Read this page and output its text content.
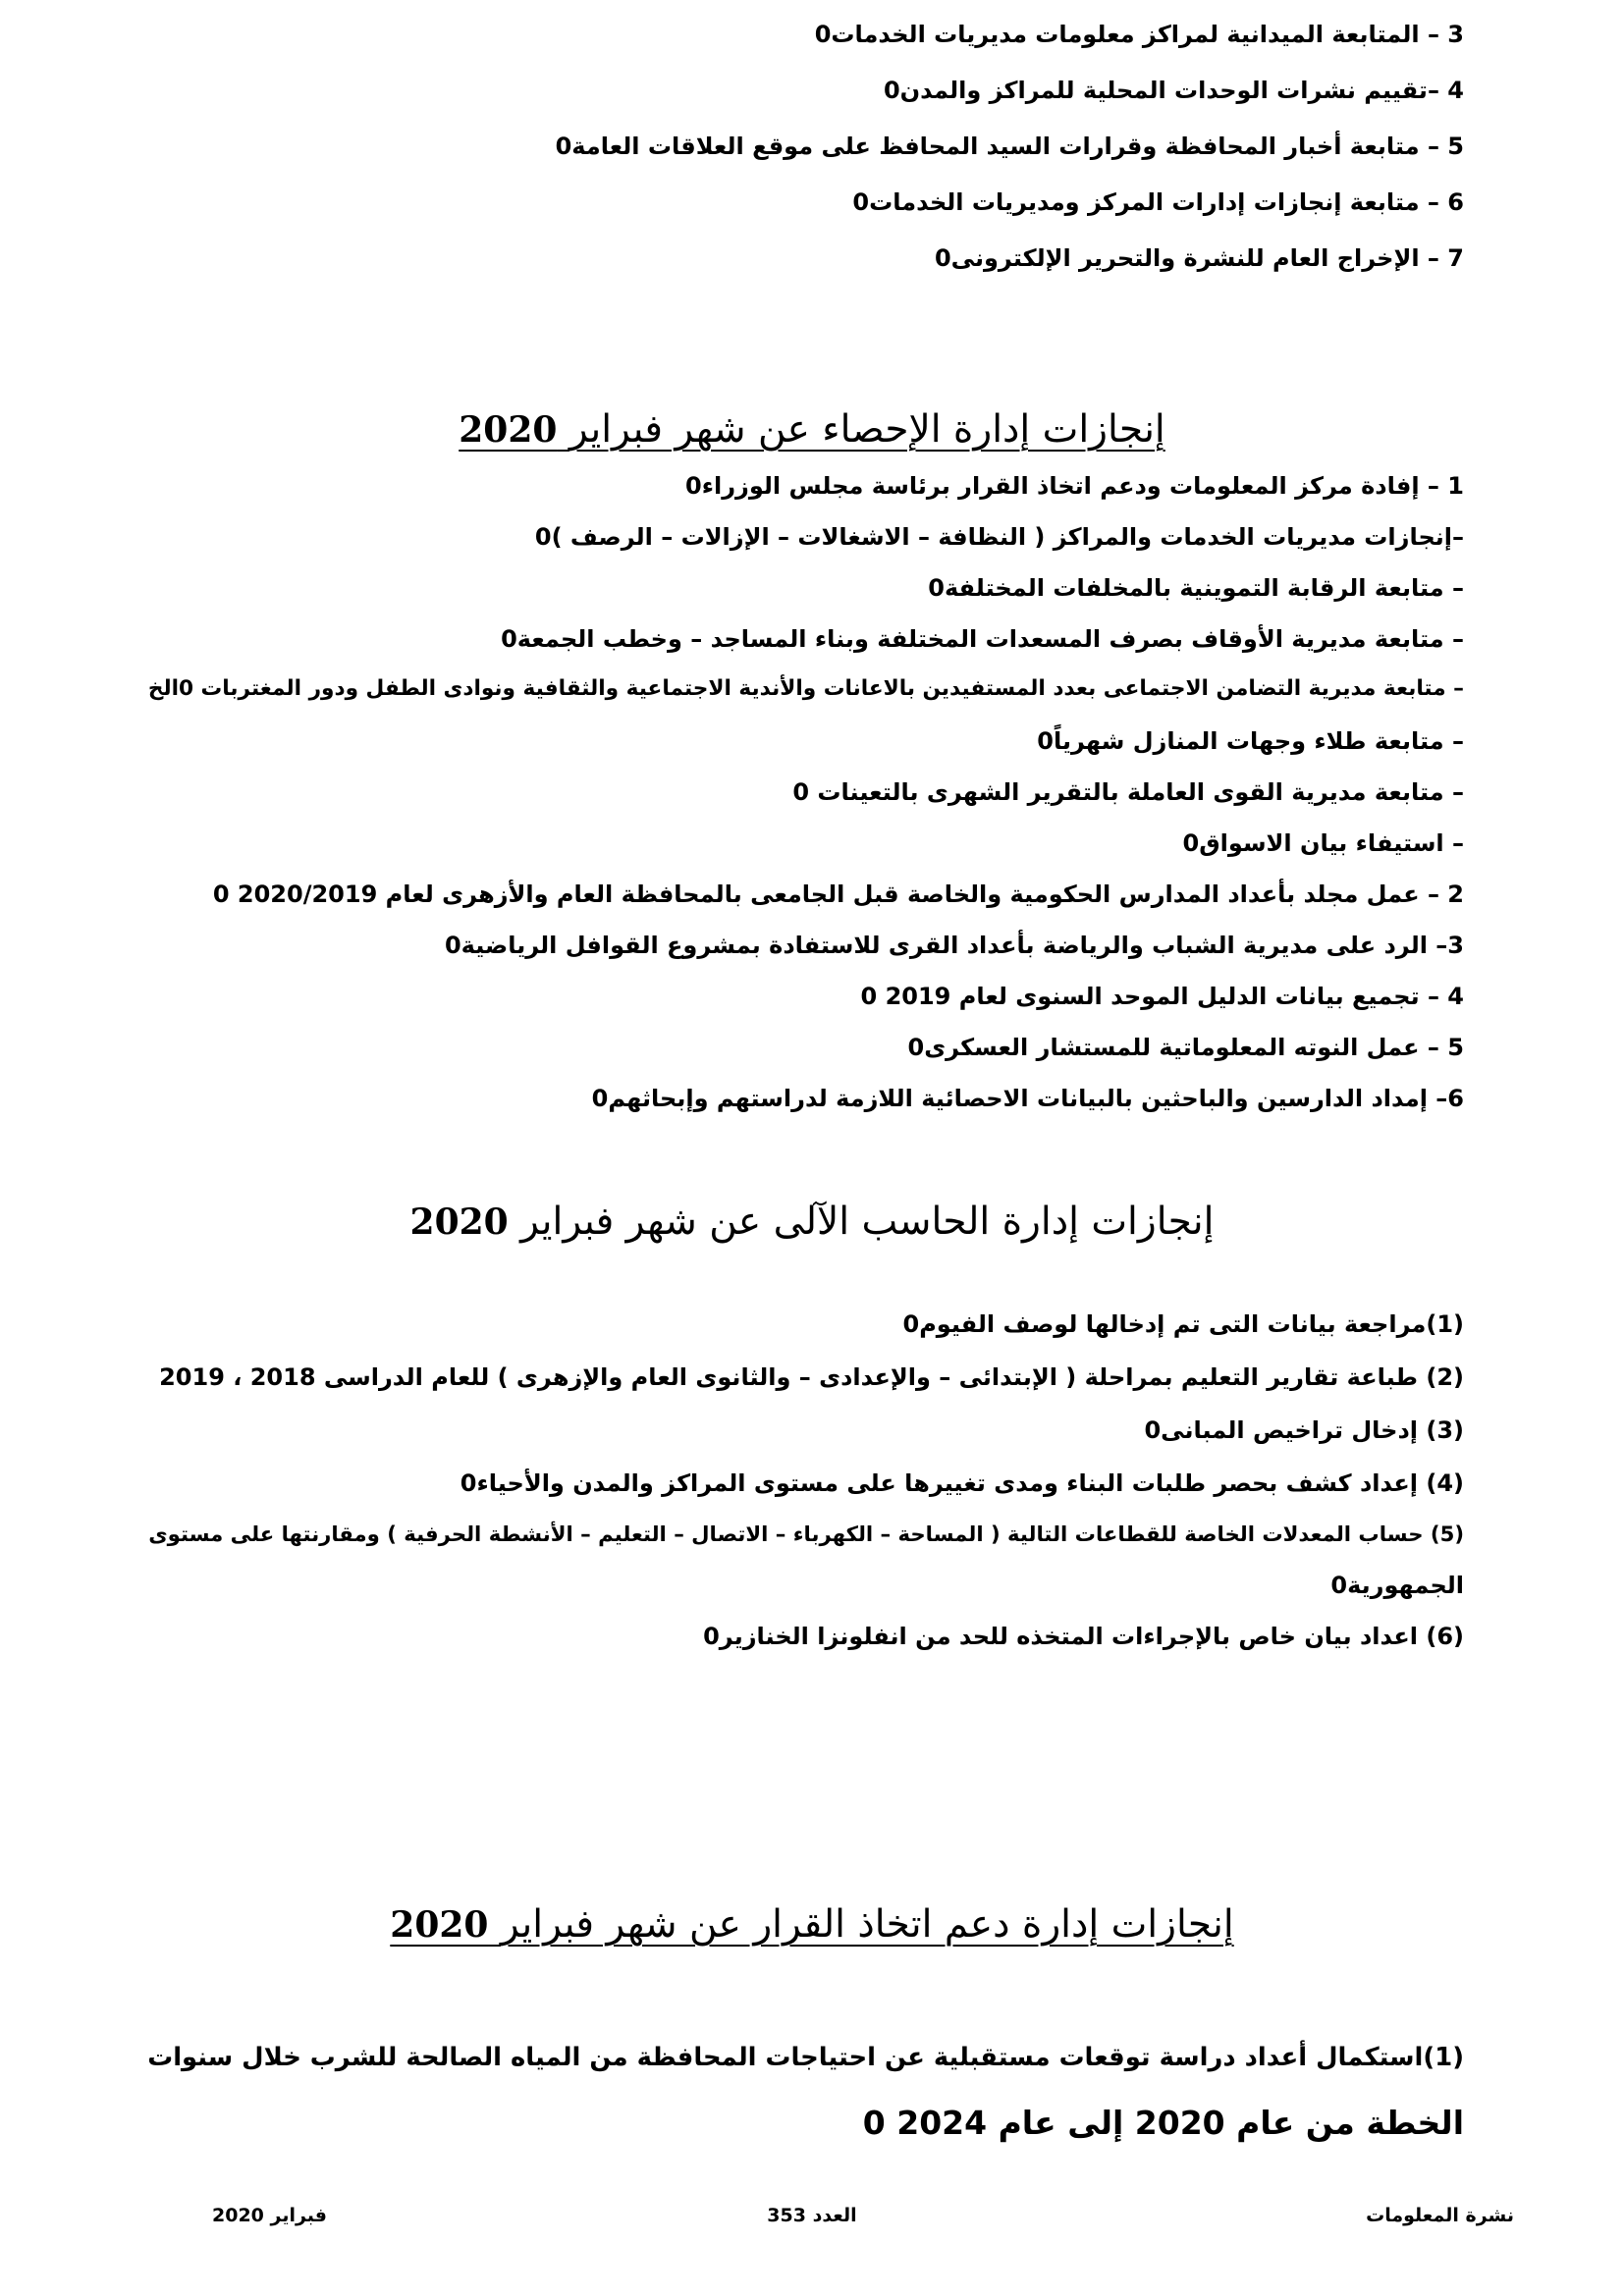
3 – المتابعة الميدانية لمراكز معلومات مديريات الخدمات0
4 –تقييم نشرات الوحدات المحلية للمراكز والمدن0
5 – متابعة أخبار المحافظة وقرارات السيد المحافظ على موقع العلاقات العامة0
6 – متابعة إنجازات إدارات المركز ومديريات الخدمات0
7 – الإخراج العام للنشرة والتحرير الإلكترونى0
إنجازات إدارة الإحصاء عن شهر فبراير 2020
1 – إفادة مركز المعلومات ودعم اتخاذ القرار برئاسة مجلس الوزراء0
–إنجازات مديريات الخدمات والمراكز ( النظافة – الاشغالات – الإزالات – الرصف )0
– متابعة الرقابة التموينية بالمخلفات المختلفة0
– متابعة مديرية الأوقاف بصرف المسعدات المختلفة وبناء المساجد – وخطب الجمعة0
– متابعة مديرية التضامن الاجتماعى بعدد المستفيدين بالاعانات والأندية الاجتماعية والثقافية ونوادى الطفل ودور المغتربات 0الخ
– متابعة طلاء وجهات المنازل شهرياً0
– متابعة مديرية القوى العاملة بالتقرير الشهرى بالتعينات 0
– استيفاء بيان الاسواق0
2 – عمل مجلد بأعداد المدارس الحكومية والخاصة قبل الجامعى بالمحافظة العام والأزهرى لعام 2020/2019 0
3– الرد على مديرية الشباب والرياضة بأعداد القرى للاستفادة بمشروع القوافل الرياضية0
4 – تجميع بيانات الدليل الموحد السنوى لعام 2019 0
5 – عمل النوته المعلوماتية للمستشار العسكرى0
6– إمداد الدارسين والباحثين بالبيانات الاحصائية اللازمة لدراستهم وإبحاثهم0
إنجازات إدارة الحاسب الآلى عن شهر فبراير 2020
(1)مراجعة بيانات التى تم إدخالها لوصف الفيوم0
(2) طباعة تقارير التعليم بمراحلة ( الإبتدائى – والإعدادى – والثانوى العام والإزهرى ) للعام الدراسى 2018 ، 2019
(3) إدخال تراخيص المبانى0
(4) إعداد كشف بحصر طلبات البناء ومدى تغييرها على مستوى المراكز والمدن والأحياء0
(5) حساب المعدلات الخاصة للقطاعات التالية ( المساحة – الكهرباء – الاتصال – التعليم – الأنشطة الحرفية ) ومقارنتها على مستوى
الجمهورية0
(6) اعداد بيان خاص بالإجراءات المتخذه للحد من انفلونزا الخنازير0
إنجازات إدارة دعم اتخاذ القرار عن شهر فبراير 2020
(1)استكمال أعداد دراسة توقعات مستقبلية عن احتياجات المحافظة من المياه الصالحة للشرب خلال سنوات
الخطة من عام 2020 إلى عام 2024 0
نشرة المعلومات
العدد 353
فبراير 2020
